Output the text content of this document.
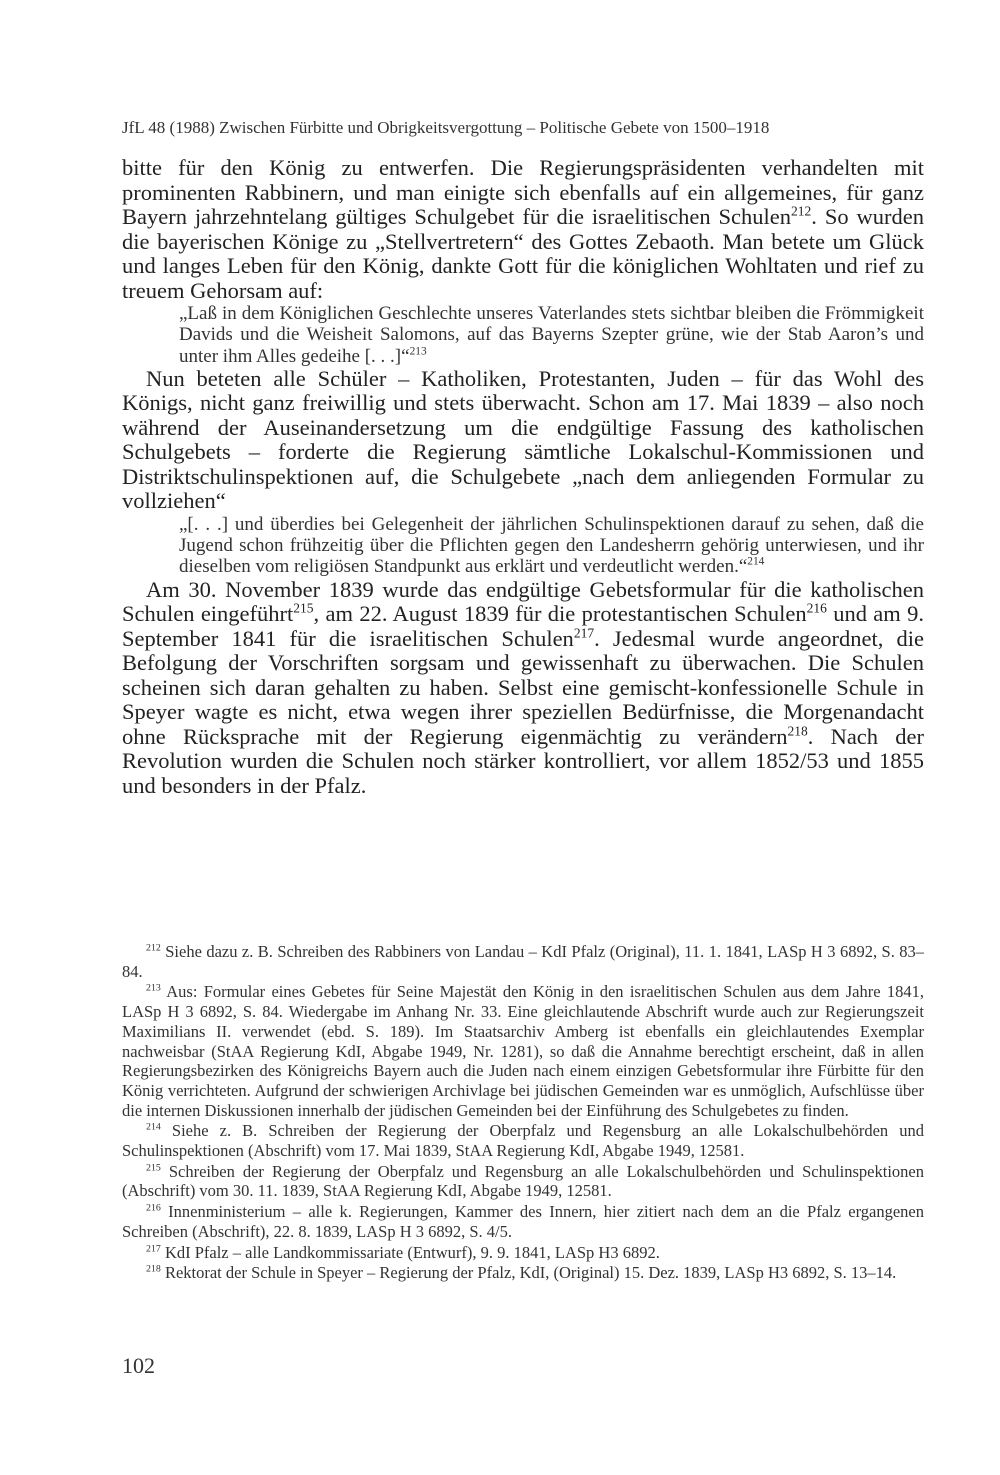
JfL 48 (1988) Zwischen Fürbitte und Obrigkeitsvergottung – Politische Gebete von 1500–1918

bitte für den König zu entwerfen. Die Regierungspräsidenten verhandelten mit prominenten Rabbinern, und man einigte sich ebenfalls auf ein allgemeines, für ganz Bayern jahrzehntelang gültiges Schulgebet für die israelitischen Schulen$^{212}$. So wurden die bayerischen Könige zu „Stellvertretern“ des Gottes Zebaoth. Man betete um Glück und langes Leben für den König, dankte Gott für die königlichen Wohltaten und rief zu treuem Gehorsam auf:

„Laß in dem Königlichen Geschlechte unseres Vaterlandes stets sichtbar bleiben die Frömmigkeit Davids und die Weisheit Salomons, auf das Bayerns Szepter grüne, wie der Stab Aaron’s und unter ihm Alles gedeihe [. . .]“$^{213}$

Nun beteten alle Schüler – Katholiken, Protestanten, Juden – für das Wohl des Königs, nicht ganz freiwillig und stets überwacht. Schon am 17. Mai 1839 – also noch während der Auseinandersetzung um die endgültige Fassung des katholischen Schulgebets – forderte die Regierung sämtliche Lokalschul-Kommissionen und Distriktschulinspektionen auf, die Schulgebete „nach dem anliegenden Formular zu vollziehen“

„[. . .] und überdies bei Gelegenheit der jährlichen Schulinspektionen darauf zu sehen, daß die Jugend schon frühzeitig über die Pflichten gegen den Landesherrn gehörig unterwiesen, und ihr dieselben vom religiösen Standpunkt aus erklärt und verdeutlicht werden.“$^{214}$

Am 30. November 1839 wurde das endgültige Gebetsformular für die katholischen Schulen eingeführt$^{215}$, am 22. August 1839 für die protestantischen Schulen$^{216}$ und am 9. September 1841 für die israelitischen Schulen$^{217}$. Jedesmal wurde angeordnet, die Befolgung der Vorschriften sorgsam und gewissenhaft zu überwachen. Die Schulen scheinen sich daran gehalten zu haben. Selbst eine gemischt-konfessionelle Schule in Speyer wagte es nicht, etwa wegen ihrer speziellen Bedürfnisse, die Morgenandacht ohne Rücksprache mit der Regierung eigenmächtig zu verändern$^{218}$. Nach der Revolution wurden die Schulen noch stärker kontrolliert, vor allem 1852/53 und 1855 und besonders in der Pfalz.

$^{212}$ Siehe dazu z. B. Schreiben des Rabbiners von Landau – KdI Pfalz (Original), 11. 1. 1841, LASp H 3 6892, S. 83–84.

$^{213}$ Aus: Formular eines Gebetes für Seine Majestät den König in den israelitischen Schulen aus dem Jahre 1841, LASp H 3 6892, S. 84. Wiedergabe im Anhang Nr. 33. Eine gleichlautende Abschrift wurde auch zur Regierungszeit Maximilians II. verwendet (ebd. S. 189). Im Staatsarchiv Amberg ist ebenfalls ein gleichlautendes Exemplar nachweisbar (StAA Regierung KdI, Abgabe 1949, Nr. 1281), so daß die Annahme berechtigt erscheint, daß in allen Regierungsbezirken des Königreichs Bayern auch die Juden nach einem einzigen Gebetsformular ihre Fürbitte für den König verrichteten. Aufgrund der schwierigen Archivlage bei jüdischen Gemeinden war es unmöglich, Aufschlüsse über die internen Diskussionen innerhalb der jüdischen Gemeinden bei der Einführung des Schulgebetes zu finden.

$^{214}$ Siehe z. B. Schreiben der Regierung der Oberpfalz und Regensburg an alle Lokalschulbehörden und Schulinspektionen (Abschrift) vom 17. Mai 1839, StAA Regierung KdI, Abgabe 1949, 12581.

$^{215}$ Schreiben der Regierung der Oberpfalz und Regensburg an alle Lokalschulbehörden und Schulinspektionen (Abschrift) vom 30. 11. 1839, StAA Regierung KdI, Abgabe 1949, 12581.

$^{216}$ Innenministerium – alle k. Regierungen, Kammer des Innern, hier zitiert nach dem an die Pfalz ergangenen Schreiben (Abschrift), 22. 8. 1839, LASp H 3 6892, S. 4/5.

$^{217}$ KdI Pfalz – alle Landkommissariate (Entwurf), 9. 9. 1841, LASp H3 6892.

$^{218}$ Rektorat der Schule in Speyer – Regierung der Pfalz, KdI, (Original) 15. Dez. 1839, LASp H3 6892, S. 13–14.

102
